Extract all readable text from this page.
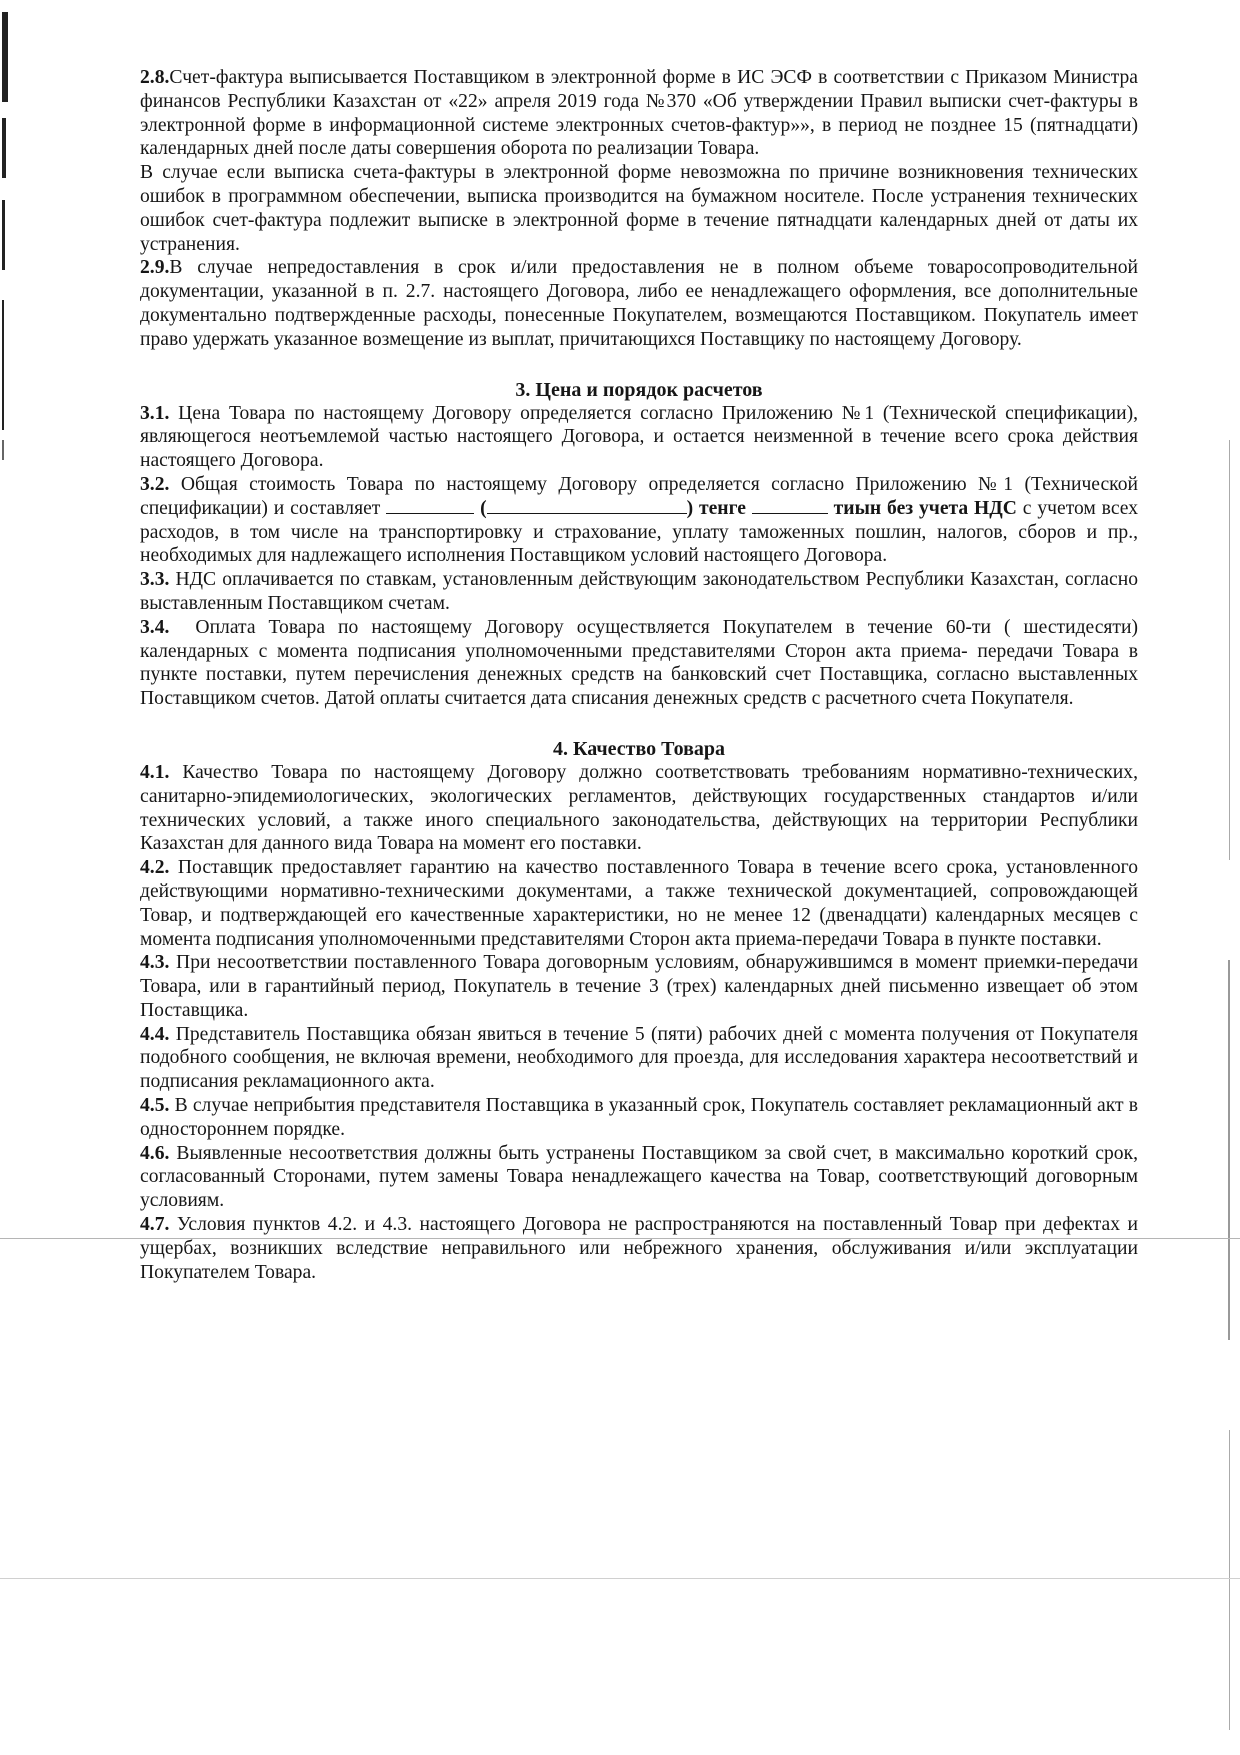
2.8.Счет-фактура выписывается Поставщиком в электронной форме в ИС ЭСФ в соответствии с Приказом Министра финансов Республики Казахстан от «22» апреля 2019 года №370 «Об утверждении Правил выписки счет-фактуры в электронной форме в информационной системе электронных счетов-фактур»», в период не позднее 15 (пятнадцати) календарных дней после даты совершения оборота по реализации Товара.

В случае если выписка счета-фактуры в электронной форме невозможна по причине возникновения технических ошибок в программном обеспечении, выписка производится на бумажном носителе. После устранения технических ошибок счет-фактура подлежит выписке в электронной форме в течение пятнадцати календарных дней от даты их устранения.

2.9.В случае непредоставления в срок и/или предоставления не в полном объеме товаросопроводительной документации, указанной в п. 2.7. настоящего Договора, либо ее ненадлежащего оформления, все дополнительные документально подтвержденные расходы, понесенные Покупателем, возмещаются Поставщиком. Покупатель имеет право удержать указанное возмещение из выплат, причитающихся Поставщику по настоящему Договору.

3. Цена и порядок расчетов

3.1. Цена Товара по настоящему Договору определяется согласно Приложению №1 (Технической спецификации), являющегося неотъемлемой частью настоящего Договора, и остается неизменной в течение всего срока действия настоящего Договора.

3.2. Общая стоимость Товара по настоящему Договору определяется согласно Приложению №1 (Технической спецификации) и составляет	(	) тенге	тиын без учета НДС с учетом всех расходов, в том числе на транспортировку и страхование, уплату таможенных пошлин, налогов, сборов и пр., необходимых для надлежащего исполнения Поставщиком условий настоящего Договора.

3.3. НДС оплачивается по ставкам, установленным действующим законодательством Республики Казахстан, согласно выставленным Поставщиком счетам.

3.4. Оплата Товара по настоящему Договору осуществляется Покупателем в течение 60-ти ( шестидесяти) календарных с момента подписания уполномоченными представителями Сторон акта приема- передачи Товара в пункте поставки, путем перечисления денежных средств на банковский счет Поставщика, согласно выставленных Поставщиком счетов. Датой оплаты считается дата списания денежных средств с расчетного счета Покупателя.

4. Качество Товара

4.1. Качество Товара по настоящему Договору должно соответствовать требованиям нормативно-технических, санитарно-эпидемиологических, экологических регламентов, действующих государственных стандартов и/или технических условий, а также иного специального законодательства, действующих на территории Республики Казахстан для данного вида Товара на момент его поставки.

4.2. Поставщик предоставляет гарантию на качество поставленного Товара в течение всего срока, установленного действующими нормативно-техническими документами, а также технической документацией, сопровождающей Товар, и подтверждающей его качественные характеристики, но не менее 12 (двенадцати) календарных месяцев с момента подписания уполномоченными представителями Сторон акта приема-передачи Товара в пункте поставки.

4.3. При несоответствии поставленного Товара договорным условиям, обнаружившимся в момент приемки-передачи Товара, или в гарантийный период, Покупатель в течение 3 (трех) календарных дней письменно извещает об этом Поставщика.

4.4. Представитель Поставщика обязан явиться в течение 5 (пяти) рабочих дней с момента получения от Покупателя подобного сообщения, не включая времени, необходимого для проезда, для исследования характера несоответствий и подписания рекламационного акта.

4.5. В случае неприбытия представителя Поставщика в указанный срок, Покупатель составляет рекламационный акт в одностороннем порядке.

4.6. Выявленные несоответствия должны быть устранены Поставщиком за свой счет, в максимально короткий срок, согласованный Сторонами, путем замены Товара ненадлежащего качества на Товар, соответствующий договорным условиям.

4.7. Условия пунктов 4.2. и 4.3. настоящего Договора не распространяются на поставленный Товар при дефектах и ущербах, возникших вследствие неправильного или небрежного хранения, обслуживания и/или эксплуатации Покупателем Товара.
